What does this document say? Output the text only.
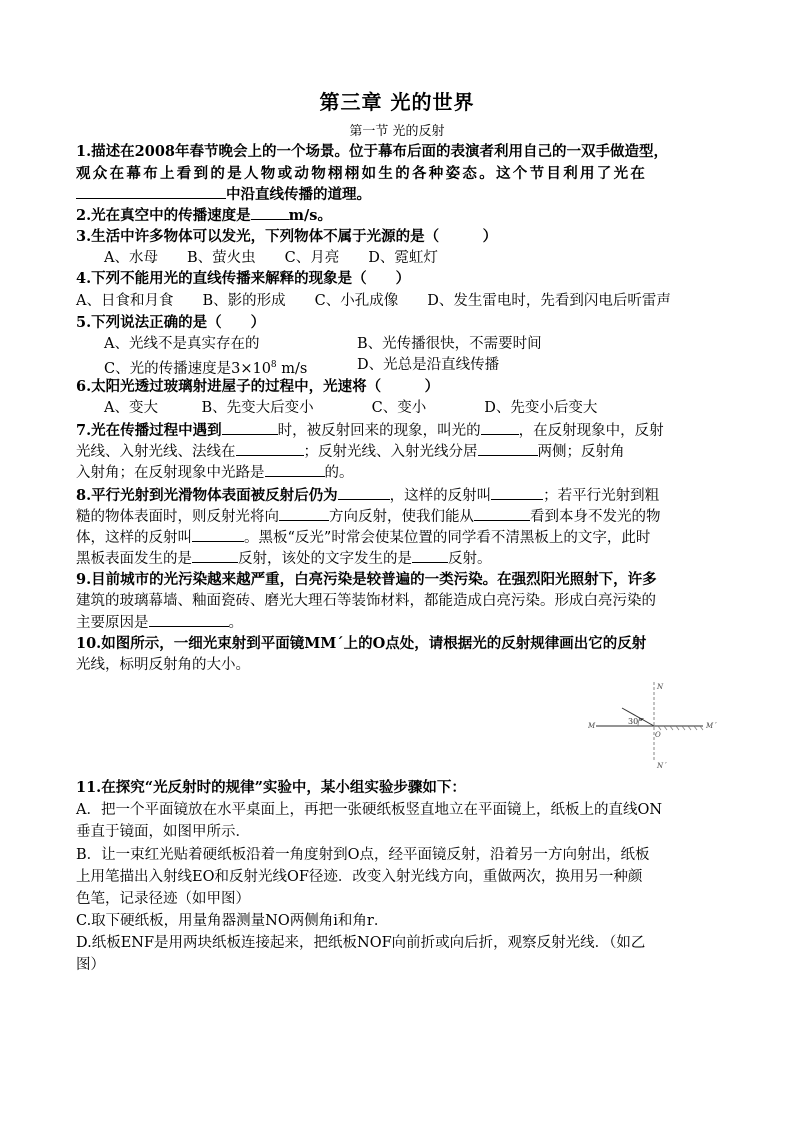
第三章 光的世界
第一节 光的反射
1.描述在2008年春节晚会上的一个场景。位于幕布后面的表演者利用自己的一双手做造型，
观众在幕布上看到的是人物或动物栩栩如生的各种姿态。这个节目利用了光在
中沿直线传播的道理。
2.光在真空中的传播速度是	m/s。
3.生活中许多物体可以发光，下列物体不属于光源的是（　　　）
A、水母　　B、萤火虫　　C、月亮　　D、霓虹灯
4.下列不能用光的直线传播来解释的现象是（　　）
A、日食和月食　　B、影的形成　　C、小孔成像　　D、发生雷电时，先看到闪电后听雷声
5.下列说法正确的是（　　）
A、光线不是真实存在的	B、光传播很快，不需要时间
C、光的传播速度是$3\times 10^8$ m/s	D、光总是沿直线传播
6.太阳光透过玻璃射进屋子的过程中，光速将（　　　）
A、变大　　　B、先变大后变小　　　　C、变小　　　　D、先变小后变大
7.光在传播过程中遇到	时，被反射回来的现象，叫光的	，在反射现象中，反射
光线、入射光线、法线在	；反射光线、入射光线分居	两侧；反射角
入射角；在反射现象中光路是	的。
8.平行光射到光滑物体表面被反射后仍为	，这样的反射叫	；若平行光射到粗
糙的物体表面时，则反射光将向	方向反射，使我们能从	看到本身不发光的物
体，这样的反射叫	。黑板“反光”时常会使某位置的同学看不清黑板上的文字，此时
黑板表面发生的是	反射，该处的文字发生的是 反射。
9.目前城市的光污染越来越严重，白亮污染是较普遍的一类污染。在强烈阳光照射下，许多
建筑的玻璃幕墙、釉面瓷砖、磨光大理石等装饰材料，都能造成白亮污染。形成白亮污染的
主要原因是	。
10.如图所示，一细光束射到平面镜MM´上的O点处，请根据光的反射规律画出它的反射
光线，标明反射角的大小。
30°
N
N´
M	M´
O
11.在探究“光反射时的规律”实验中，某小组实验步骤如下：
A．把一个平面镜放在水平桌面上，再把一张硬纸板竖直地立在平面镜上，纸板上的直线ON
垂直于镜面，如图甲所示．
B．让一束红光贴着硬纸板沿着一角度射到O点，经平面镜反射，沿着另一方向射出，纸板
上用笔描出入射线EO和反射光线OF径迹．改变入射光线方向，重做两次，换用另一种颜
色笔，记录径迹（如甲图）
C.取下硬纸板，用量角器测量NO两侧角i和角r．
D.纸板ENF是用两块纸板连接起来，把纸板NOF向前折或向后折，观察反射光线．（如乙
图）
